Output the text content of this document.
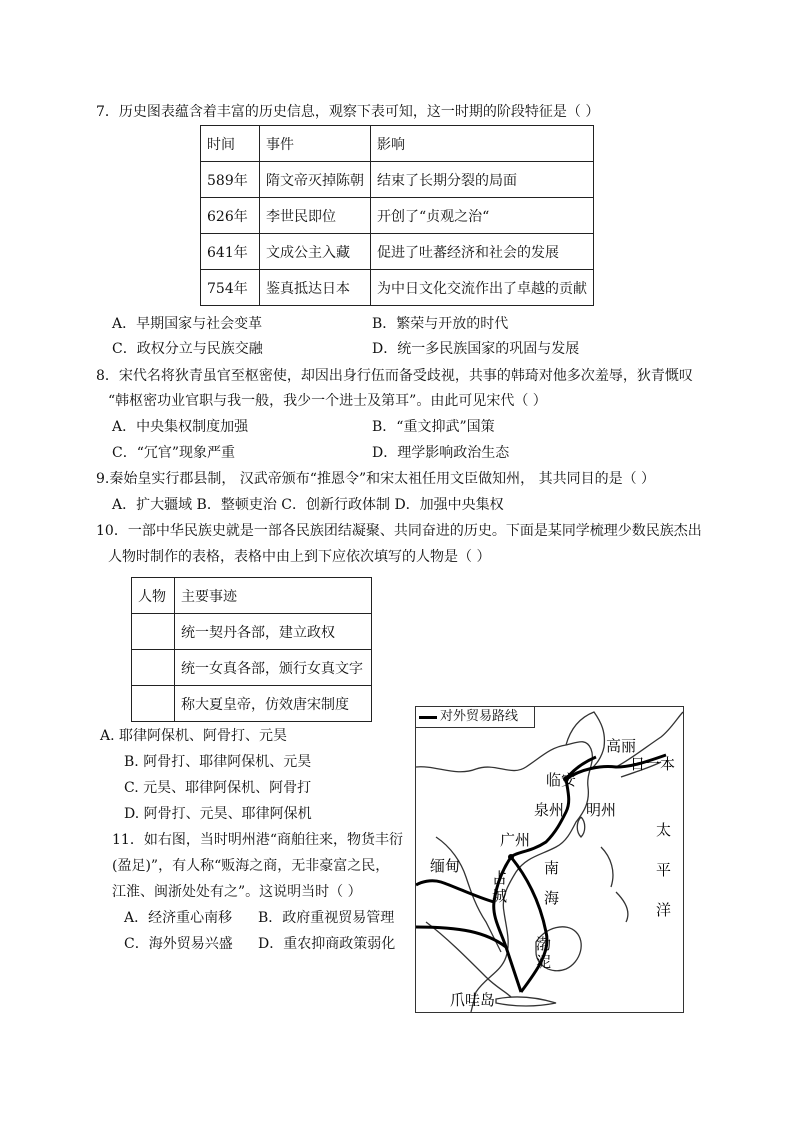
7．历史图表蕴含着丰富的历史信息，观察下表可知，这一时期的阶段特征是（ ）
时间	事件	影响
589年	隋文帝灭掉陈朝	结束了长期分裂的局面
626年	李世民即位	开创了“贞观之治“
641年	文成公主入藏	促进了吐蕃经济和社会的发展
754年	鉴真抵达日本	为中日文化交流作出了卓越的贡献
A．早期国家与社会变革	B．繁荣与开放的时代
C．政权分立与民族交融	D．统一多民族国家的巩固与发展
8．宋代名将狄青虽官至枢密使，却因出身行伍而备受歧视，共事的韩琦对他多次羞辱，狄青慨叹
“韩枢密功业官职与我一般，我少一个进士及第耳”。由此可见宋代（ ）
A．中央集权制度加强	B．“重文抑武”国策
C．“冗官”现象严重	D．理学影响政治生态
9.秦始皇实行郡县制， 汉武帝颁布“推恩令”和宋太祖任用文臣做知州， 其共同目的是（ ）
A．扩大疆域 B．整顿吏治 C．创新行政体制 D．加强中央集权
10．一部中华民族史就是一部各民族团结凝聚、共同奋进的历史。下面是某同学梳理少数民族杰出
人物时制作的表格，表格中由上到下应依次填写的人物是（ ）
人物	主要事迹
	统一契丹各部，建立政权
	统一女真各部，颁行女真文字
	称大夏皇帝，仿效唐宋制度
A. 耶律阿保机、阿骨打、元昊
B. 阿骨打、耶律阿保机、元昊
C. 元昊、耶律阿保机、阿骨打
D. 阿骨打、元昊、耶律阿保机
11．如右图，当时明州港“商舶往来，物货丰衍
(盈足)”，有人称“贩海之商，无非豪富之民，
江淮、闽浙处处有之”。这说明当时（ ）
A．经济重心南移 B．政府重视贸易管理
C．海外贸易兴盛 D．重农抑商政策弱化
对外贸易路线
高丽
日一本
临安
泉州 明州
广州
缅甸	南
海
占城
渤泥
爪哇岛
太
平
洋
